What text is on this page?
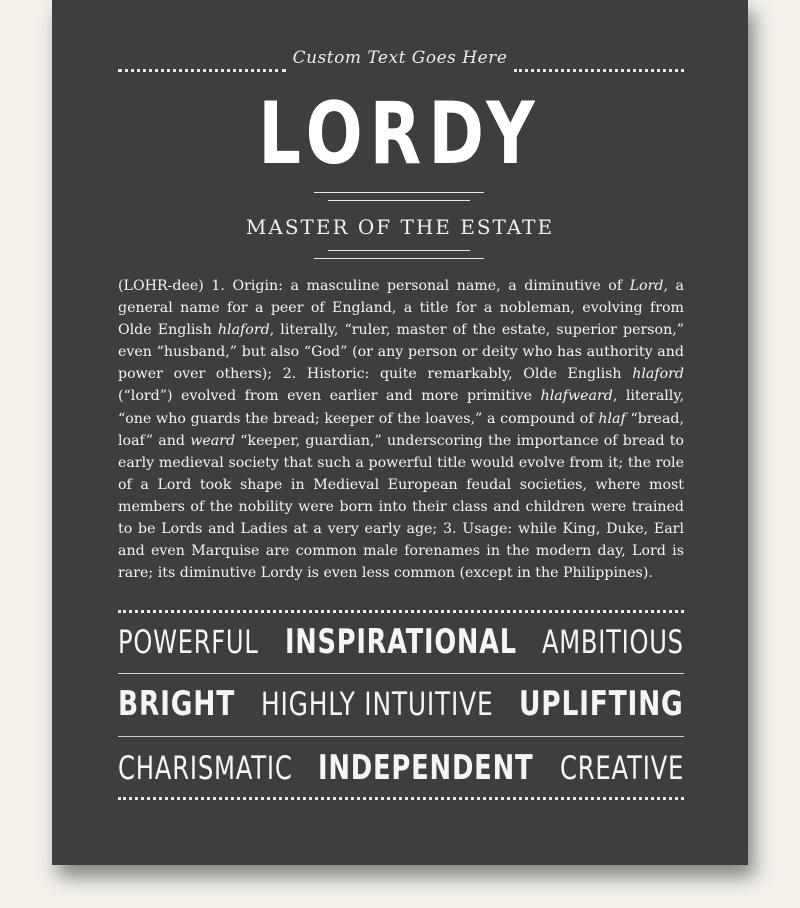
Custom Text Goes Here
LORDY
MASTER OF THE ESTATE

(LOHR-dee) 1. Origin: a masculine personal name, a diminutive of Lord, a general name for a peer of England, a title for a nobleman, evolving from Olde English hlaford, literally, “ruler, master of the estate, superior person,” even “husband,” but also “God” (or any person or deity who has authority and power over others); 2. Historic: quite remarkably, Olde English hlaford (“lord”) evolved from even earlier and more primitive hlafweard, literally, “one who guards the bread; keeper of the loaves,” a compound of hlaf “bread, loaf” and weard “keeper, guardian,” underscoring the importance of bread to early medieval society that such a powerful title would evolve from it; the role of a Lord took shape in Medieval European feudal societies, where most members of the nobility were born into their class and children were trained to be Lords and Ladies at a very early age; 3. Usage: while King, Duke, Earl and even Marquise are common male forenames in the modern day, Lord is rare; its diminutive Lordy is even less common (except in the Philippines).

POWERFUL INSPIRATIONAL AMBITIOUS
BRIGHT HIGHLY INTUITIVE UPLIFTING
CHARISMATIC INDEPENDENT CREATIVE
